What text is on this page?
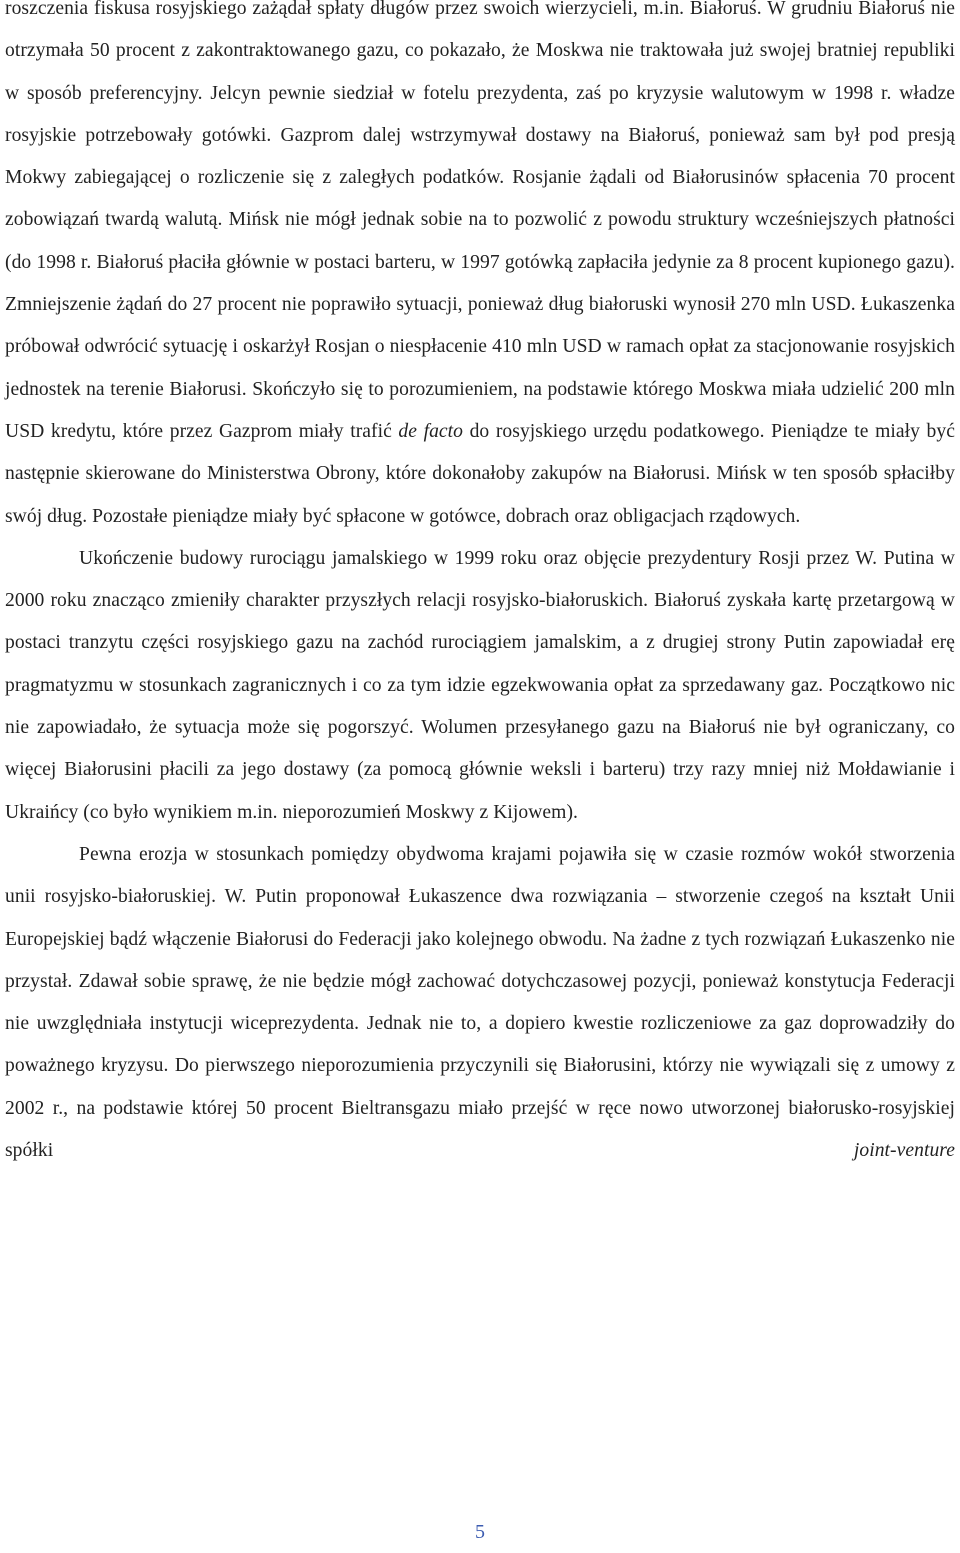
roszczenia fiskusa rosyjskiego zażądał spłaty długów przez swoich wierzycieli, m.in. Białoruś. W grudniu Białoruś nie otrzymała 50 procent z zakontraktowanego gazu, co pokazało, że Moskwa nie traktowała już swojej bratniej republiki w sposób preferencyjny. Jelcyn pewnie siedział w fotelu prezydenta, zaś po kryzysie walutowym w 1998 r. władze rosyjskie potrzebowały gotówki. Gazprom dalej wstrzymywał dostawy na Białoruś, ponieważ sam był pod presją Mokwy zabiegającej o rozliczenie się z zaległych podatków. Rosjanie żądali od Białorusinów spłacenia 70 procent zobowiązań twardą walutą. Mińsk nie mógł jednak sobie na to pozwolić z powodu struktury wcześniejszych płatności (do 1998 r. Białoruś płaciła głównie w postaci barteru, w 1997 gotówką zapłaciła jedynie za 8 procent kupionego gazu). Zmniejszenie żądań do 27 procent nie poprawiło sytuacji, ponieważ dług białoruski wynosił 270 mln USD. Łukaszenka próbował odwrócić sytuację i oskarżył Rosjan o niespłacenie 410 mln USD w ramach opłat za stacjonowanie rosyjskich jednostek na terenie Białorusi. Skończyło się to porozumieniem, na podstawie którego Moskwa miała udzielić 200 mln USD kredytu, które przez Gazprom miały trafić de facto do rosyjskiego urzędu podatkowego. Pieniądze te miały być następnie skierowane do Ministerstwa Obrony, które dokonałoby zakupów na Białorusi. Mińsk w ten sposób spłaciłby swój dług. Pozostałe pieniądze miały być spłacone w gotówce, dobrach oraz obligacjach rządowych.

Ukończenie budowy rurociągu jamalskiego w 1999 roku oraz objęcie prezydentury Rosji przez W. Putina w 2000 roku znacząco zmieniły charakter przyszłych relacji rosyjsko-białoruskich. Białoruś zyskała kartę przetargową w postaci tranzytu części rosyjskiego gazu na zachód rurociągiem jamalskim, a z drugiej strony Putin zapowiadał erę pragmatyzmu w stosunkach zagranicznych i co za tym idzie egzekwowania opłat za sprzedawany gaz. Początkowo nic nie zapowiadało, że sytuacja może się pogorszyć. Wolumen przesyłanego gazu na Białoruś nie był ograniczany, co więcej Białorusini płacili za jego dostawy (za pomocą głównie weksli i barteru) trzy razy mniej niż Mołdawianie i Ukraińcy (co było wynikiem m.in. nieporozumień Moskwy z Kijowem).

Pewna erozja w stosunkach pomiędzy obydwoma krajami pojawiła się w czasie rozmów wokół stworzenia unii rosyjsko-białoruskiej. W. Putin proponował Łukaszence dwa rozwiązania – stworzenie czegoś na kształt Unii Europejskiej bądź włączenie Białorusi do Federacji jako kolejnego obwodu. Na żadne z tych rozwiązań Łukaszenko nie przystał. Zdawał sobie sprawę, że nie będzie mógł zachować dotychczasowej pozycji, ponieważ konstytucja Federacji nie uwzględniała instytucji wiceprezydenta. Jednak nie to, a dopiero kwestie rozliczeniowe za gaz doprowadziły do poważnego kryzysu. Do pierwszego nieporozumienia przyczynili się Białorusini, którzy nie wywiązali się z umowy z 2002 r., na podstawie której 50 procent Bieltransgazu miało przejść w ręce nowo utworzonej białorusko-rosyjskiej spółki joint-venture

5
